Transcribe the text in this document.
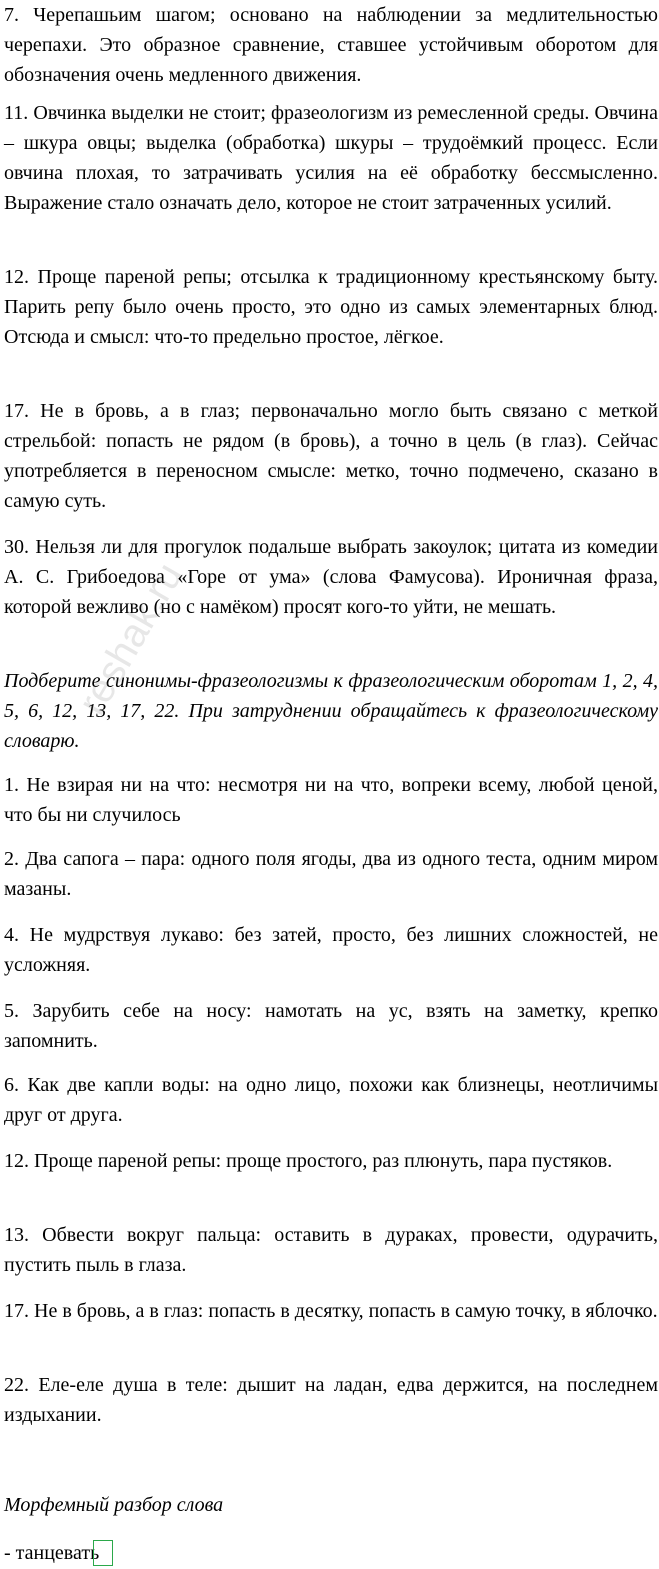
7. Черепашьим шагом; основано на наблюдении за медлительностью черепахи. Это образное сравнение, ставшее устойчивым оборотом для обозначения очень медленного движения.
11. Овчинка выделки не стоит; фразеологизм из ремесленной среды. Овчина – шкура овцы; выделка (обработка) шкуры – трудоёмкий процесс. Если овчина плохая, то затрачивать усилия на её обработку бессмысленно. Выражение стало означать дело, которое не стоит затраченных усилий.
12. Проще пареной репы; отсылка к традиционному крестьянскому быту. Парить репу было очень просто, это одно из самых элементарных блюд. Отсюда и смысл: что-то предельно простое, лёгкое.
17. Не в бровь, а в глаз; первоначально могло быть связано с меткой стрельбой: попасть не рядом (в бровь), а точно в цель (в глаз). Сейчас употребляется в переносном смысле: метко, точно подмечено, сказано в самую суть.
30. Нельзя ли для прогулок подальше выбрать закоулок; цитата из комедии А. С. Грибоедова «Горе от ума» (слова Фамусова). Ироничная фраза, которой вежливо (но с намёком) просят кого-то уйти, не мешать.
Подберите синонимы-фразеологизмы к фразеологическим оборотам 1, 2, 4, 5, 6, 12, 13, 17, 22. При затруднении обращайтесь к фразеологическому словарю.
1. Не взирая ни на что: несмотря ни на что, вопреки всему, любой ценой, что бы ни случилось
2. Два сапога – пара: одного поля ягоды, два из одного теста, одним миром мазаны.
4. Не мудрствуя лукаво: без затей, просто, без лишних сложностей, не усложняя.
5. Зарубить себе на носу: намотать на ус, взять на заметку, крепко запомнить.
6. Как две капли воды: на одно лицо, похожи как близнецы, неотличимы друг от друга.
12. Проще пареной репы: проще простого, раз плюнуть, пара пустяков.
13. Обвести вокруг пальца: оставить в дураках, провести, одурачить, пустить пыль в глаза.
17. Не в бровь, а в глаз: попасть в десятку, попасть в самую точку, в яблочко.
22. Еле-еле душа в теле: дышит на ладан, едва держится, на последнем издыхании.
Морфемный разбор слова
- танцевать
reshak.ru
